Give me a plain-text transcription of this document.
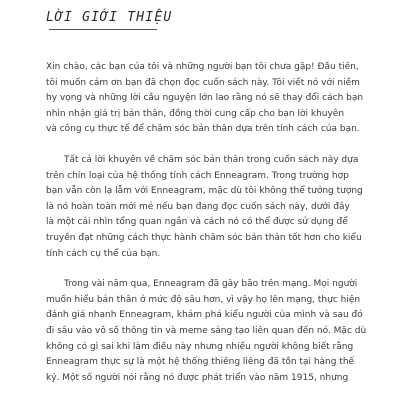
LỜI GIỚI THIỆU

Xin chào, các bạn của tôi và những người bạn tôi chưa gặp! Đầu tiên,
tôi muốn cảm ơn bạn đã chọn đọc cuốn sách này. Tôi viết nó với niềm
hy vọng và những lời cầu nguyện lớn lao rằng nó sẽ thay đổi cách bạn
nhìn nhận giá trị bản thân, đồng thời cung cấp cho bạn lời khuyên
và công cụ thực tế để chăm sóc bản thân dựa trên tính cách của bạn.

Tất cả lời khuyên về chăm sóc bản thân trong cuốn sách này dựa
trên chín loại của hệ thống tính cách Enneagram. Trong trường hợp
bạn vẫn còn lạ lẫm với Enneagram, mặc dù tôi không thể tưởng tượng
là nó hoàn toàn mới mẻ nếu bạn đang đọc cuốn sách này, dưới đây
là một cái nhìn tổng quan ngắn và cách nó có thể được sử dụng để
truyền đạt những cách thực hành chăm sóc bản thân tốt hơn cho kiểu
tính cách cụ thể của bạn.

Trong vài năm qua, Enneagram đã gây bão trên mạng. Mọi người
muốn hiểu bản thân ở mức độ sâu hơn, vì vậy họ lên mạng, thực hiện
đánh giá nhanh Enneagram, khám phá kiểu người của mình và sau đó
đi sâu vào vô số thông tin và meme sáng tạo liên quan đến nó. Mặc dù
không có gì sai khi làm điều này nhưng nhiều người không biết rằng
Enneagram thực sự là một hệ thống thiêng liêng đã tồn tại hàng thế
kỷ. Một số người nói rằng nó được phát triển vào năm 1915, nhưng
